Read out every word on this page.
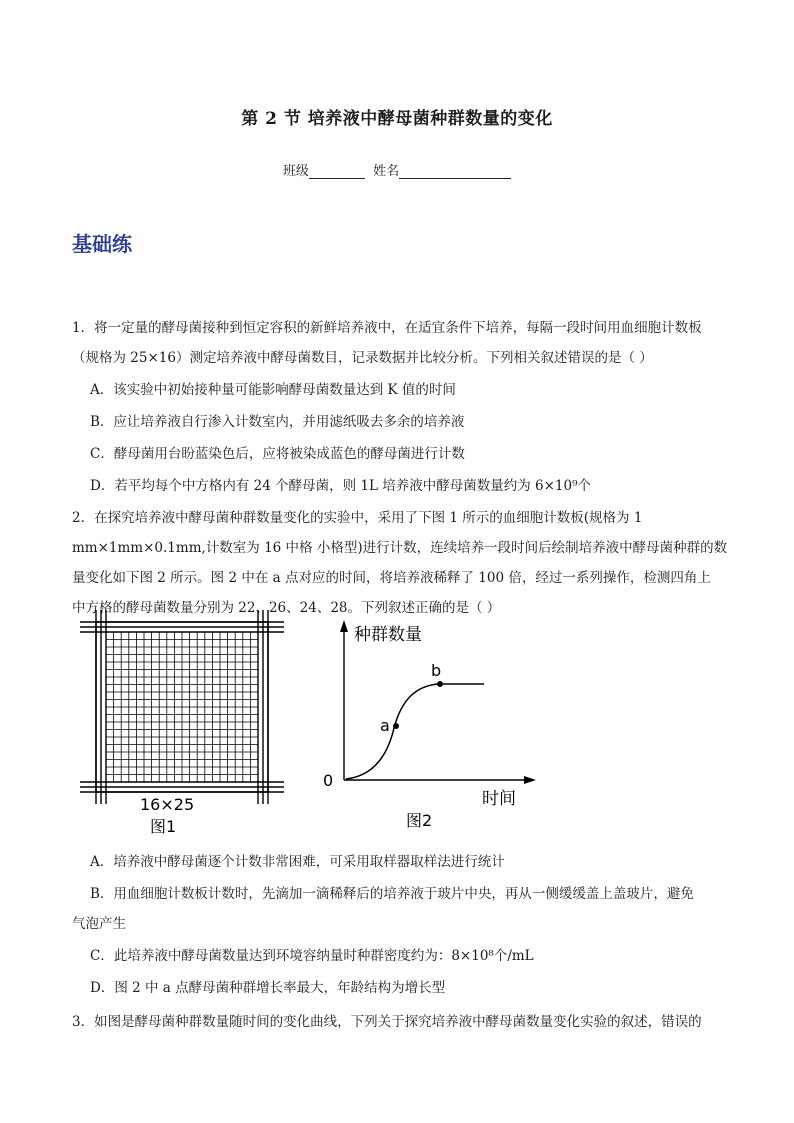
第 2 节 培养液中酵母菌种群数量的变化
班级	姓名
基础练
1．将一定量的酵母菌接种到恒定容积的新鲜培养液中，在适宜条件下培养，每隔一段时间用血细胞计数板
（规格为 25×16）测定培养液中酵母菌数目，记录数据并比较分析。下列相关叙述错误的是（ ）
A．该实验中初始接种量可能影响酵母菌数量达到 K 值的时间
B．应让培养液自行渗入计数室内，并用滤纸吸去多余的培养液
C．酵母菌用台盼蓝染色后，应将被染成蓝色的酵母菌进行计数
D．若平均每个中方格内有 24 个酵母菌，则 1L 培养液中酵母菌数量约为 6×10⁹个
2．在探究培养液中酵母菌种群数量变化的实验中，采用了下图 1 所示的血细胞计数板(规格为 1
mm×1mm×0.1mm,计数室为 16 中格 小格型)进行计数，连续培养一段时间后绘制培养液中酵母菌种群的数
量变化如下图 2 所示。图 2 中在 a 点对应的时间，将培养液稀释了 100 倍，经过一系列操作，检测四角上
中方格的酵母菌数量分别为 22、26、24、28。下列叙述正确的是（ ）
16×25
图1
种群数量
时间
0
a
b
图2
A．培养液中酵母菌逐个计数非常困难，可采用取样器取样法进行统计
B．用血细胞计数板计数时，先滴加一滴稀释后的培养液于玻片中央，再从一侧缓缓盖上盖玻片，避免
气泡产生
C．此培养液中酵母菌数量达到环境容纳量时种群密度约为：8×10⁸个/mL
D．图 2 中 a 点酵母菌种群增长率最大，年龄结构为增长型
3．如图是酵母菌种群数量随时间的变化曲线，下列关于探究培养液中酵母菌数量变化实验的叙述，错误的
